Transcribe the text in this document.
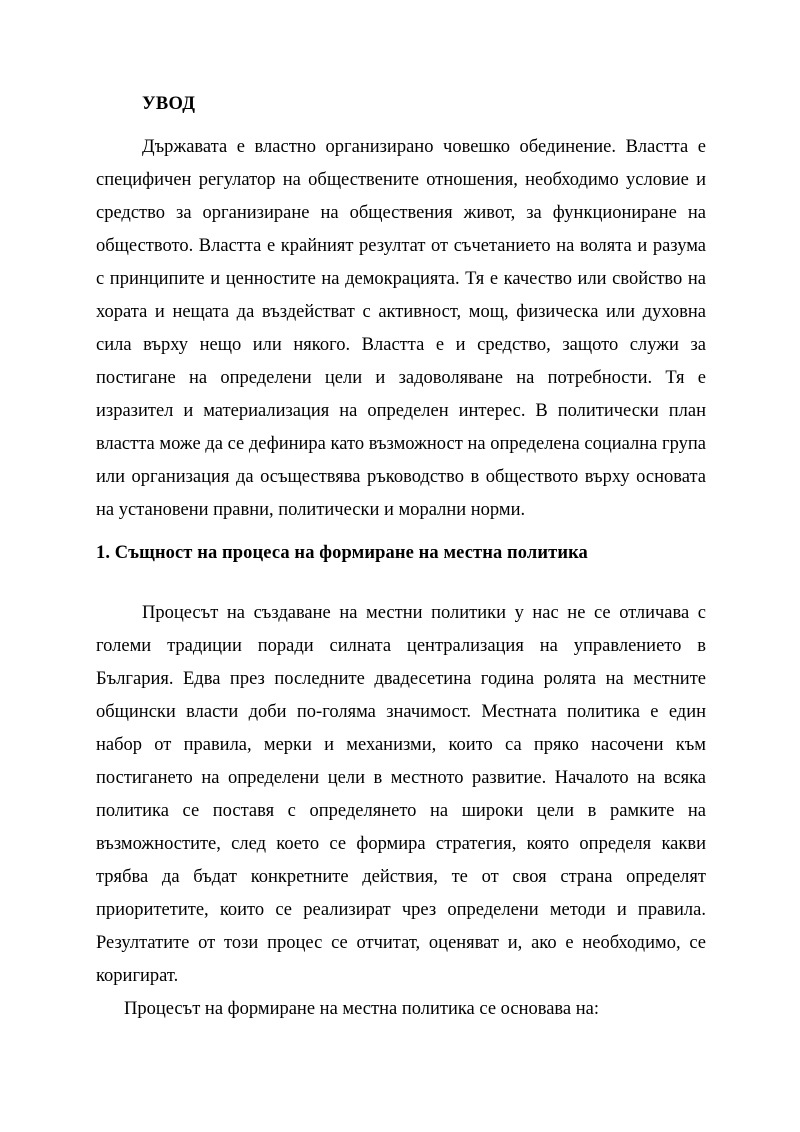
УВОД

Държавата е властно организирано човешко обединение. Властта е специфичен регулатор на обществените отношения, необходимо условие и средство за организиране на обществения живот, за функциониране на обществото. Властта е крайният резултат от съчетанието на волята и разума с принципите и ценностите на демокрацията. Тя е качество или свойство на хората и нещата да въздействат с активност, мощ, физическа или духовна сила върху нещо или някого. Властта е и средство, защото служи за постигане на определени цели и задоволяване на потребности. Тя е изразител и материализация на определен интерес. В политически план властта може да се дефинира като възможност на определена социална група или организация да осъществява ръководство в обществото върху основата на установени правни, политически и морални норми.

1. Същност на процеса на формиране на местна политика

Процесът на създаване на местни политики у нас не се отличава с големи традиции поради силната централизация на управлението в България. Едва през последните двадесетина година ролята на местните общински власти доби по-голяма значимост. Местната политика е един набор от правила, мерки и механизми, които са пряко насочени към постигането на определени цели в местното развитие. Началото на всяка политика се поставя с определянето на широки цели в рамките на възможностите, след което се формира стратегия, която определя какви трябва да бъдат конкретните действия, те от своя страна определят приоритетите, които се реализират чрез определени методи и правила. Резултатите от този процес се отчитат, оценяват и, ако е необходимо, се коригират.

Процесът на формиране на местна политика се основава на:
